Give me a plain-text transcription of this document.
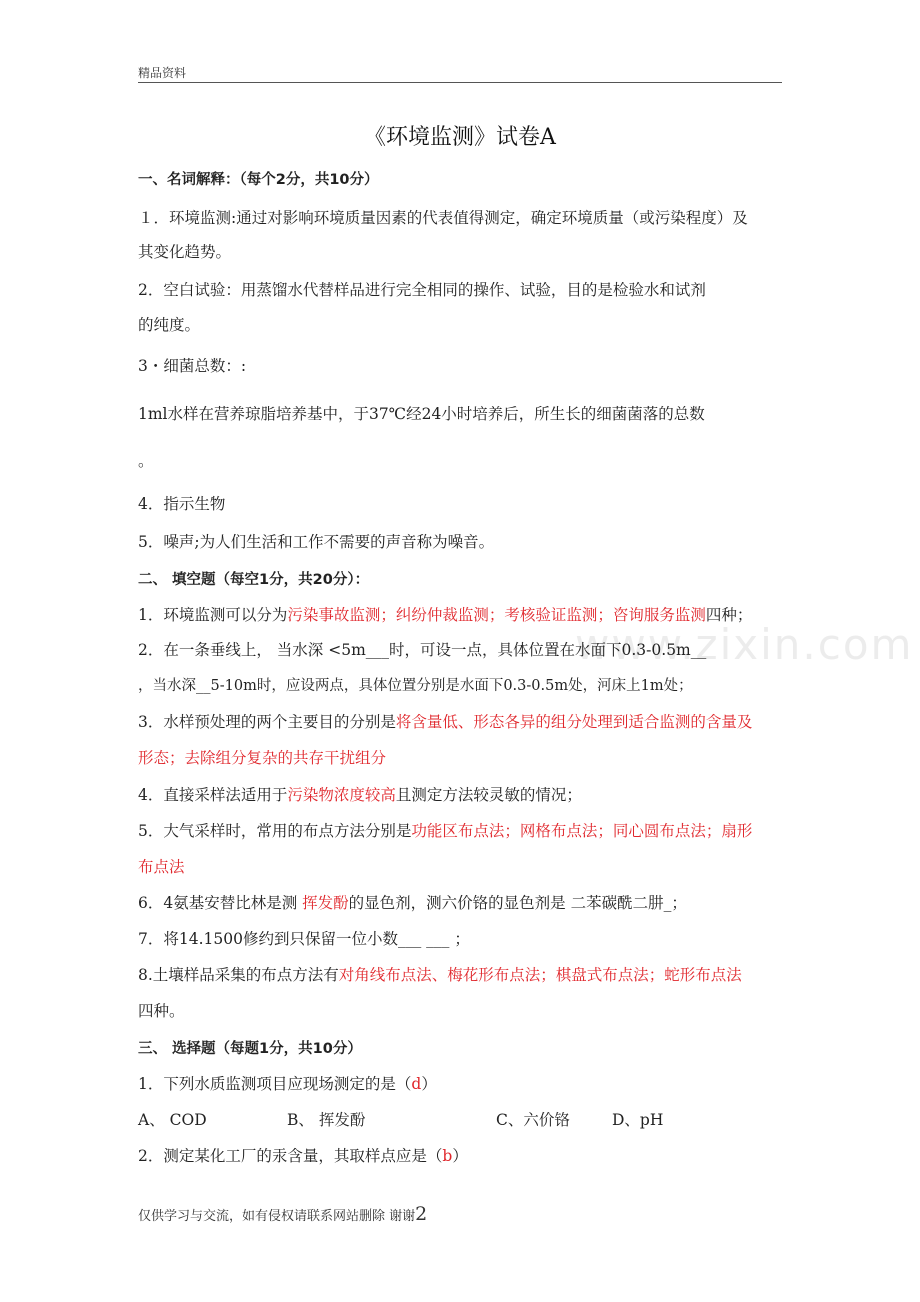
精品资料
www.zixin.com
《环境监测》试卷A
一、名词解释：（每个2分，共10分）
１．环境监测:通过对影响环境质量因素的代表值得测定，确定环境质量（或污染程度）及
其变化趋势。
2．空白试验：用蒸馏水代替样品进行完全相同的操作、试验，目的是检验水和试剂
的纯度。
3・细菌总数：:
1ml水样在营养琼脂培养基中，于37℃经24小时培养后，所生长的细菌菌落的总数
。
4．指示生物
5．噪声;为人们生活和工作不需要的声音称为噪音。
二、 填空题（每空1分，共20分）：
1．环境监测可以分为污染事故监测；纠纷仲裁监测；考核验证监测；咨询服务监测四种；
2．在一条垂线上， 当水深 <5m___时，可设一点，具体位置在水面下0.3-0.5m__
，当水深__5-10m时，应设两点，具体位置分别是水面下0.3-0.5m处，河床上1m处；
3．水样预处理的两个主要目的分别是将含量低、形态各异的组分处理到适合监测的含量及
形态；去除组分复杂的共存干扰组分
4．直接采样法适用于污染物浓度较高且测定方法较灵敏的情况；
5．大气采样时，常用的布点方法分别是功能区布点法；网格布点法；同心圆布点法；扇形
布点法
6．4氨基安替比林是测 挥发酚的显色剂，测六价铬的显色剂是 二苯碳酰二肼_；
7．将14.1500修约到只保留一位小数___ ___ ；
8.土壤样品采集的布点方法有对角线布点法、梅花形布点法；棋盘式布点法；蛇形布点法
四种。
三、 选择题（每题1分，共10分）
1．下列水质监测项目应现场测定的是（d）
A、 COD	B、 挥发酚	C、六价铬	D、pH
2．测定某化工厂的汞含量，其取样点应是（b）
仅供学习与交流，如有侵权请联系网站删除 谢谢2
